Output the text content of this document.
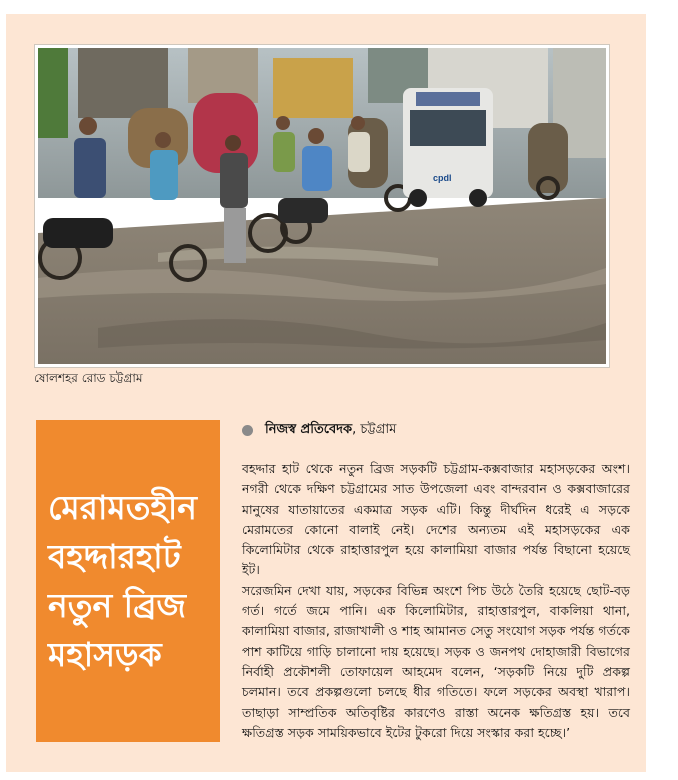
cpdl
ষোলশহর রোড চট্টগ্রাম
মেরামতহীন
বহদ্দারহাট
নতুন ব্রিজ
মহাসড়ক
নিজস্ব প্রতিবেদক , চট্টগ্রাম

বহদ্দার হাট থেকে নতুন ব্রিজ সড়কটি চট্টগ্রাম-কক্সবাজার মহাসড়কের অংশ। নগরী থেকে দক্ষিণ চট্টগ্রামের সাত উপজেলা এবং বান্দরবান ও কক্সবাজারের মানুষের যাতায়াতের একমাত্র সড়ক এটি। কিন্তু দীর্ঘদিন ধরেই এ সড়কে মেরামতের কোনো বালাই নেই। দেশের অন্যতম এই মহাসড়কের এক কিলোমিটার থেকে রাহাত্তারপুল হয়ে কালামিয়া বাজার পর্যন্ত বিছানো হয়েছে ইট।

সরেজমিন দেখা যায়, সড়কের বিভিন্ন অংশে পিচ উঠে তৈরি হয়েছে ছোট-বড় গর্ত। গর্তে জমে পানি। এক কিলোমিটার, রাহাত্তারপুল, বাকলিয়া থানা, কালামিয়া বাজার, রাজাখালী ও শাহ আমানত সেতু সংযোগ সড়ক পর্যন্ত গর্তকে পাশ কাটিয়ে গাড়ি চালানো দায় হয়েছে। সড়ক ও জনপথ দোহাজারী বিভাগের নির্বাহী প্রকৌশলী তোফায়েল আহমেদ বলেন, ‘সড়কটি নিয়ে দুটি প্রকল্প চলমান। তবে প্রকল্পগুলো চলছে ধীর গতিতে। ফলে সড়কের অবস্থা খারাপ। তাছাড়া সাম্প্রতিক অতিবৃষ্টির কারণেও রাস্তা অনেক ক্ষতিগ্রস্ত হয়। তবে ক্ষতিগ্রস্ত সড়ক সাময়িকভাবে ইটের টুকরো দিয়ে সংস্কার করা হচ্ছে।’
